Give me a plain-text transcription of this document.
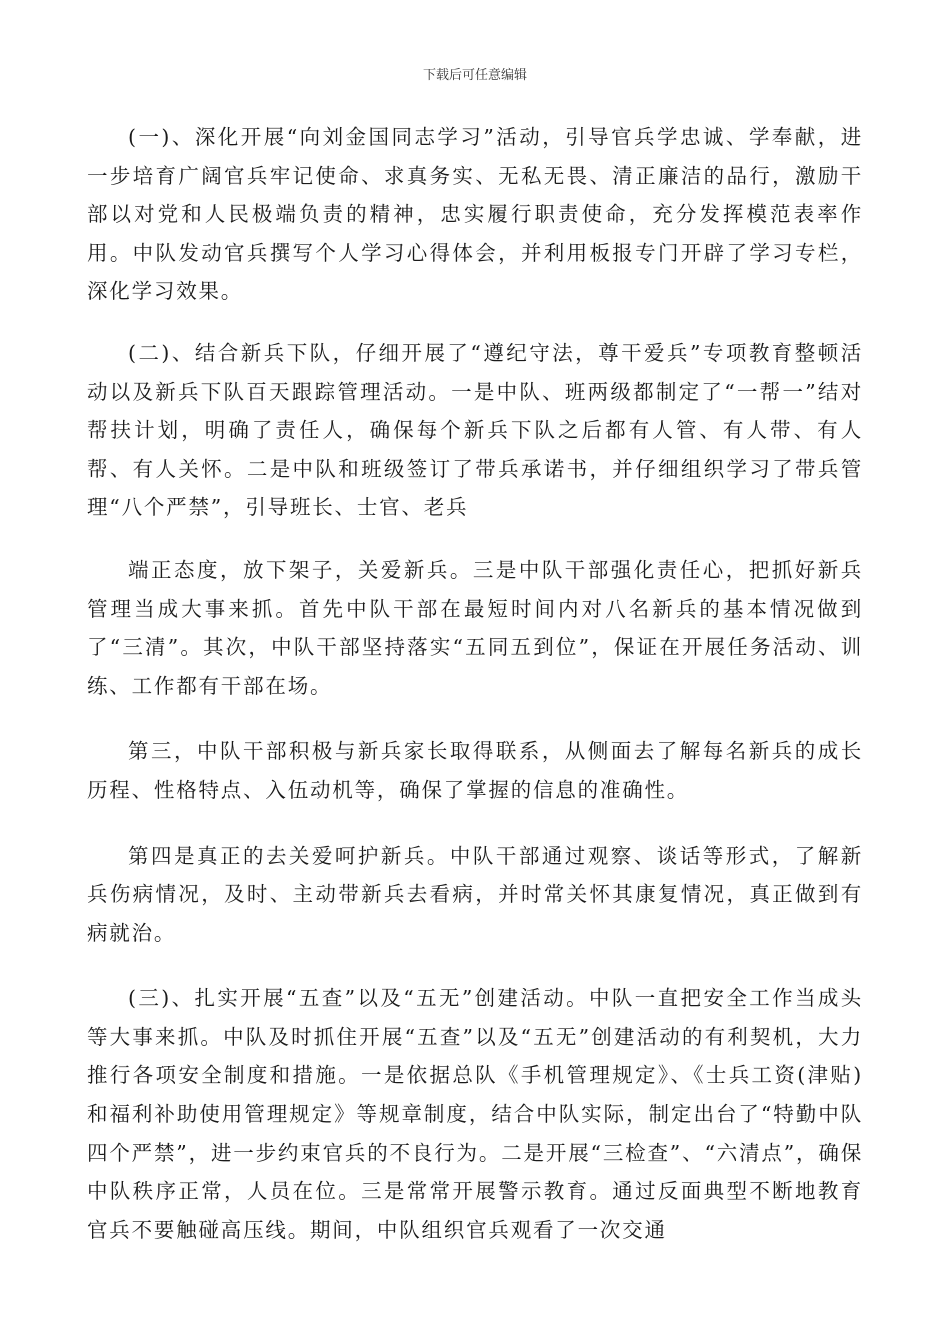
下载后可任意编辑

(一)、深化开展“向刘金国同志学习”活动，引导官兵学忠诚、学奉献，进一步培育广阔官兵牢记使命、求真务实、无私无畏、清正廉洁的品行，激励干部以对党和人民极端负责的精神，忠实履行职责使命，充分发挥模范表率作用。中队发动官兵撰写个人学习心得体会，并利用板报专门开辟了学习专栏，深化学习效果。

(二)、结合新兵下队，仔细开展了“遵纪守法，尊干爱兵”专项教育整顿活动以及新兵下队百天跟踪管理活动。一是中队、班两级都制定了“一帮一”结对帮扶计划，明确了责任人，确保每个新兵下队之后都有人管、有人带、有人帮、有人关怀。二是中队和班级签订了带兵承诺书，并仔细组织学习了带兵管理“八个严禁”，引导班长、士官、老兵

端正态度，放下架子，关爱新兵。三是中队干部强化责任心，把抓好新兵管理当成大事来抓。首先中队干部在最短时间内对八名新兵的基本情况做到了“三清”。其次，中队干部坚持落实“五同五到位”，保证在开展任务活动、训练、工作都有干部在场。

第三，中队干部积极与新兵家长取得联系，从侧面去了解每名新兵的成长历程、性格特点、入伍动机等，确保了掌握的信息的准确性。

第四是真正的去关爱呵护新兵。中队干部通过观察、谈话等形式，了解新兵伤病情况，及时、主动带新兵去看病，并时常关怀其康复情况，真正做到有病就治。

(三)、扎实开展“五查”以及“五无”创建活动。中队一直把安全工作当成头等大事来抓。中队及时抓住开展“五查”以及“五无”创建活动的有利契机，大力推行各项安全制度和措施。一是依据总队《手机管理规定》、《士兵工资(津贴)和福利补助使用管理规定》等规章制度，结合中队实际，制定出台了“特勤中队四个严禁”，进一步约束官兵的不良行为。二是开展“三检查”、“六清点”，确保中队秩序正常，人员在位。三是常常开展警示教育。通过反面典型不断地教育官兵不要触碰高压线。期间，中队组织官兵观看了一次交通
